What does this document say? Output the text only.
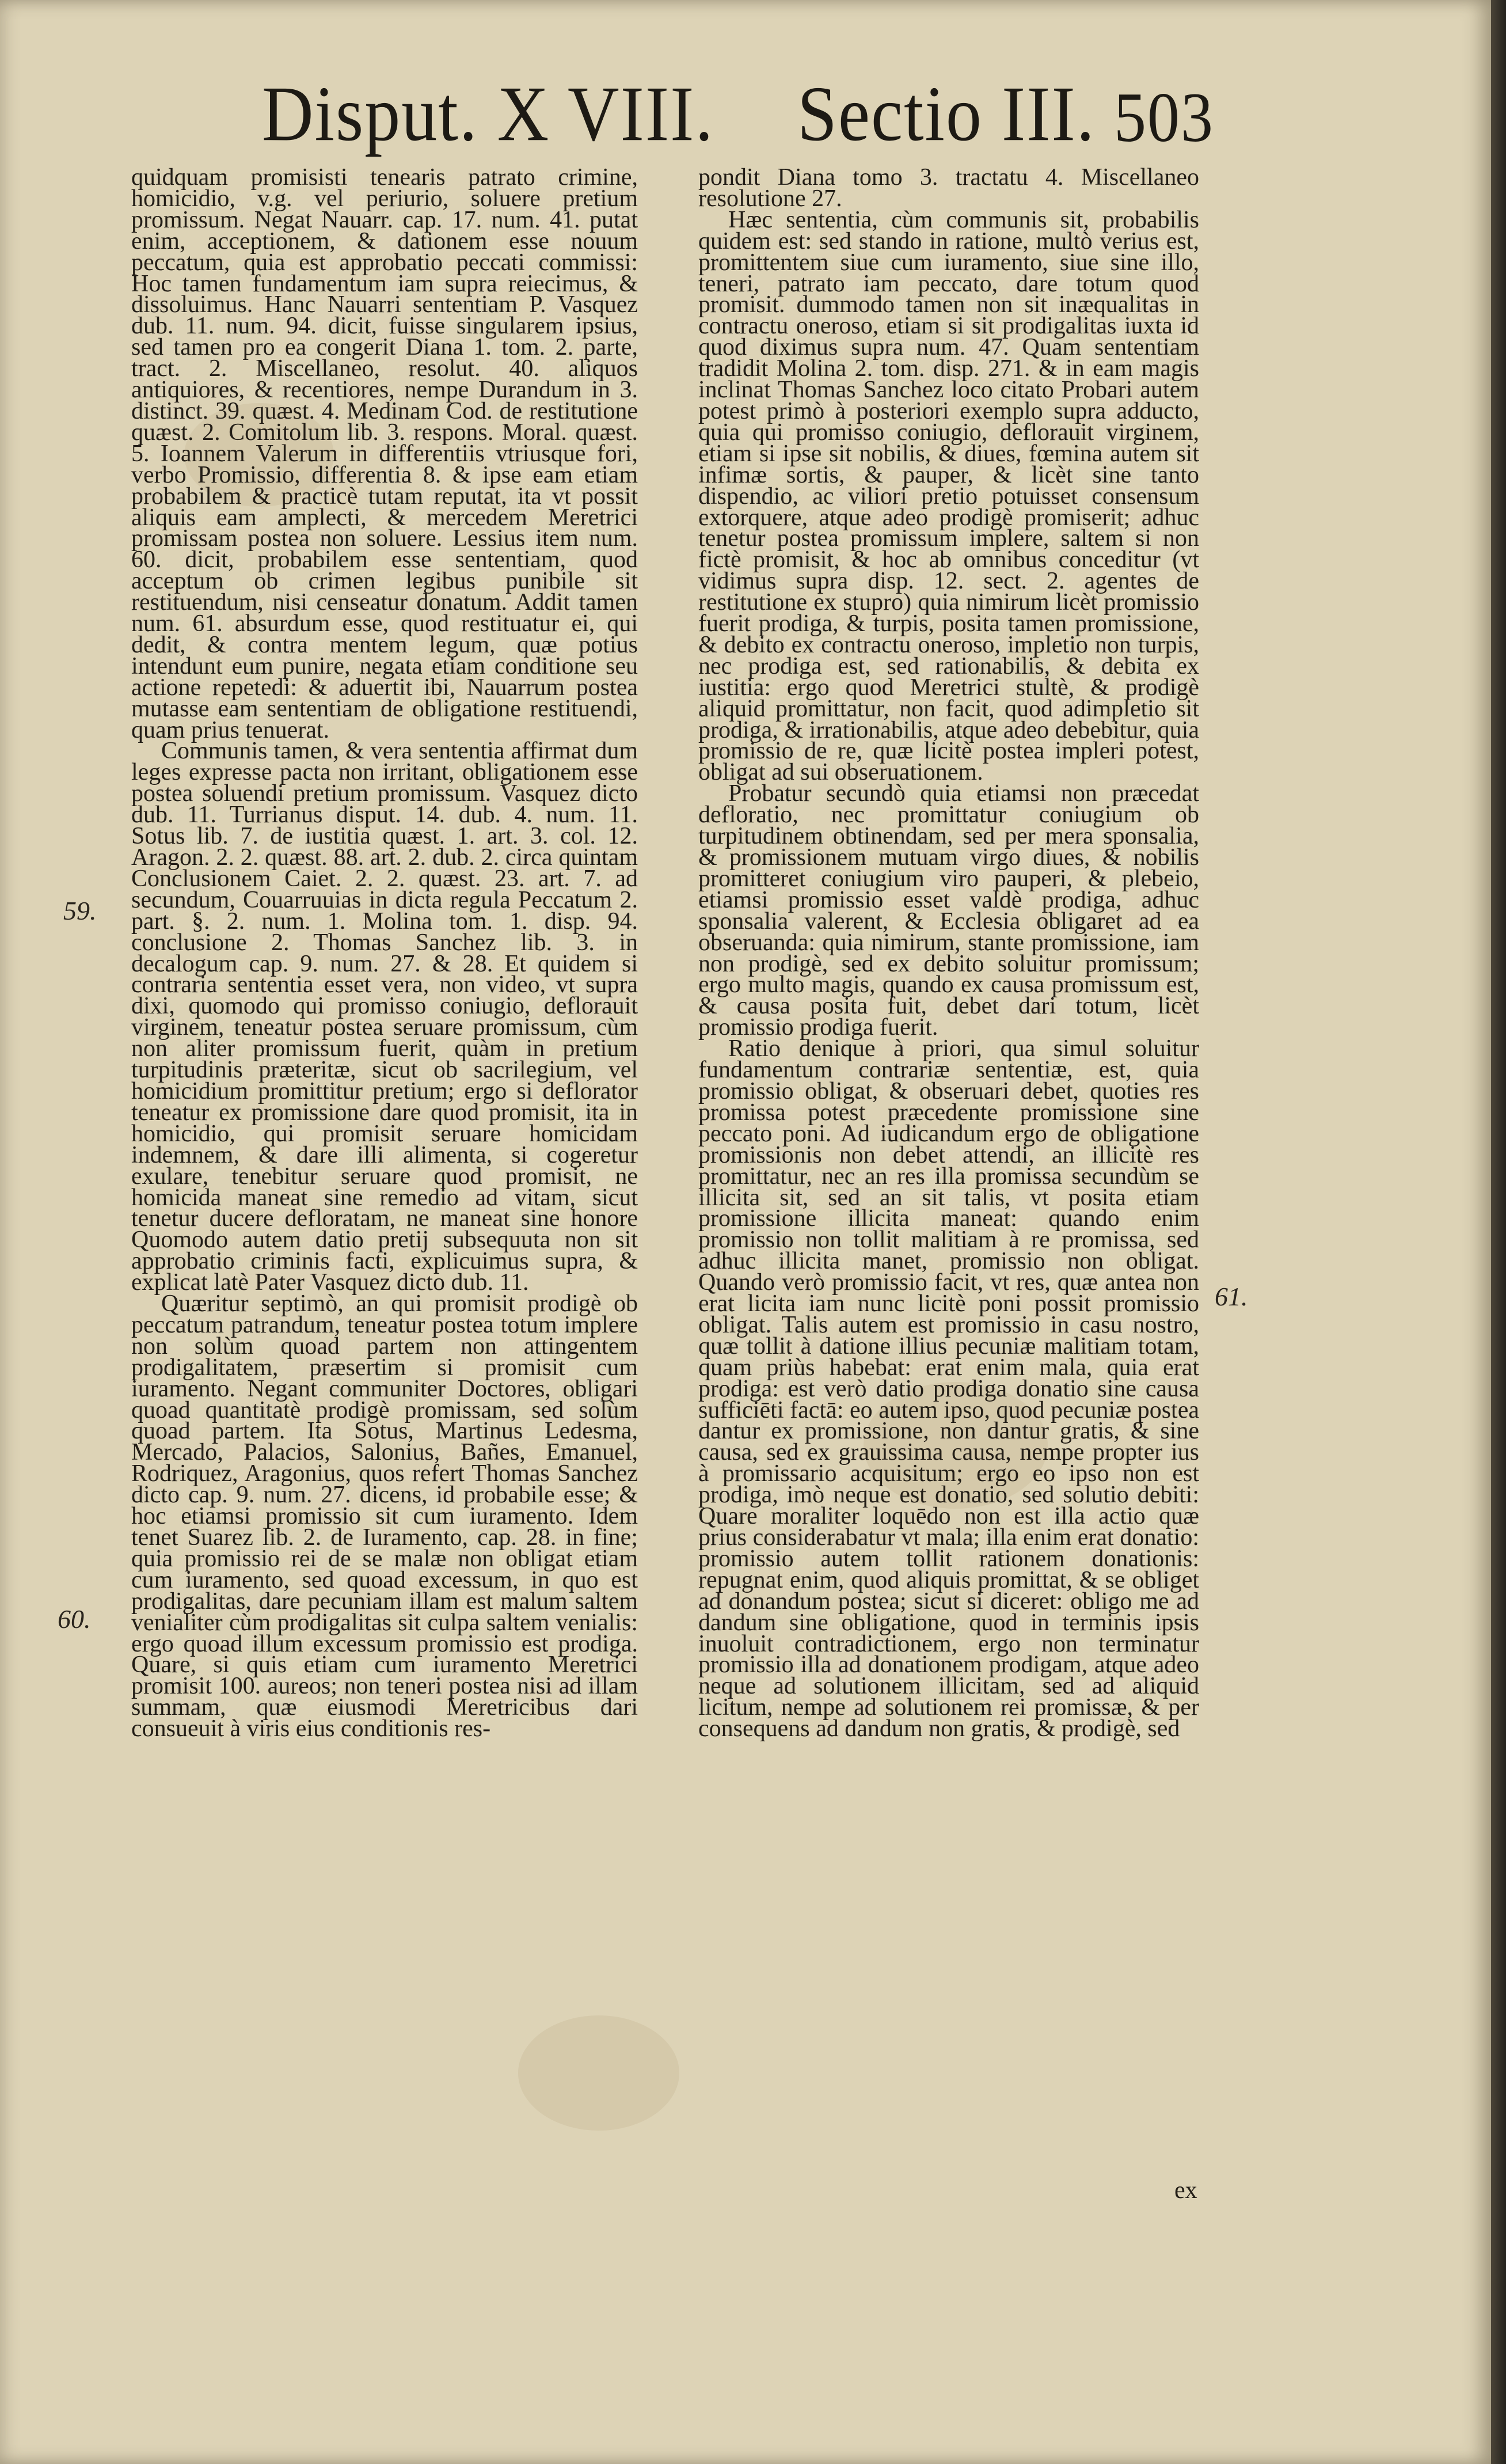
Disput. X VIII. Sectio III. 503

quidquam promisisti tenearis patrato crimine, homicidio, v.g. vel periurio, soluere pretium promissum. Negat Nauarr. cap. 17. num. 41. putat enim, acceptionem, & dationem esse nouum peccatum, quia est approbatio peccati commissi: Hoc tamen fundamentum iam supra reiecimus, & dissoluimus. Hanc Nauarri sententiam P. Vasquez dub. 11. num. 94. dicit, fuisse singularem ipsius, sed tamen pro ea congerit Diana 1. tom. 2. parte, tract. 2. Miscellaneo, resolut. 40. aliquos antiquiores, & recentiores, nempe Durandum in 3. distinct. 39. quæst. 4. Medinam Cod. de restitutione quæst. 2. Comitolum lib. 3. respons. Moral. quæst. 5. Ioannem Valerum in differentiis vtriusque fori, verbo Promissio, differentia 8. & ipse eam etiam probabilem & practicè tutam reputat, ita vt possit aliquis eam amplecti, & mercedem Meretrici promissam postea non soluere. Lessius item num. 60. dicit, probabilem esse sententiam, quod acceptum ob crimen legibus punibile sit restituendum, nisi censeatur donatum. Addit tamen num. 61. absurdum esse, quod restituatur ei, qui dedit, & contra mentem legum, quæ potius intendunt eum punire, negata etiam conditione seu actione repetedi: & aduertit ibi, Nauarrum postea mutasse eam sententiam de obligatione restituendi, quam prius tenuerat.

Communis tamen, & vera sententia affirmat dum leges expresse pacta non irritant, obligationem esse postea soluendi pretium promissum. Vasquez dicto dub. 11. Turrianus disput. 14. dub. 4. num. 11. Sotus lib. 7. de iustitia quæst. 1. art. 3. col. 12. Aragon. 2. 2. quæst. 88. art. 2. dub. 2. circa quintam Conclusionem Caiet. 2. 2. quæst. 23. art. 7. ad secundum, Couarruuias in dicta regula Peccatum 2. part. §. 2. num. 1. Molina tom. 1. disp. 94. conclusione 2. Thomas Sanchez lib. 3. in decalogum cap. 9. num. 27. & 28. Et quidem si contraria sententia esset vera, non video, vt supra dixi, quomodo qui promisso coniugio, deflorauit virginem, teneatur postea seruare promissum, cùm non aliter promissum fuerit, quàm in pretium turpitudinis præteritæ, sicut ob sacrilegium, vel homicidium promittitur pretium; ergo si deflorator teneatur ex promissione dare quod promisit, ita in homicidio, qui promisit seruare homicidam indemnem, & dare illi alimenta, si cogeretur exulare, tenebitur seruare quod promisit, ne homicida maneat sine remedio ad vitam, sicut tenetur ducere defloratam, ne maneat sine honore Quomodo autem datio pretij subsequuta non sit approbatio criminis facti, explicuimus supra, & explicat latè Pater Vasquez dicto dub. 11.

Quæritur septimò, an qui promisit prodigè ob peccatum patrandum, teneatur postea totum implere non solùm quoad partem non attingentem prodigalitatem, præsertim si promisit cum iuramento. Negant communiter Doctores, obligari quoad quantitatè prodigè promissam, sed solùm quoad partem. Ita Sotus, Martinus Ledesma, Mercado, Palacios, Salonius, Bañes, Emanuel, Rodriquez, Aragonius, quos refert Thomas Sanchez dicto cap. 9. num. 27. dicens, id probabile esse; & hoc etiamsi promissio sit cum iuramento. Idem tenet Suarez lib. 2. de Iuramento, cap. 28. in fine; quia promissio rei de se malæ non obligat etiam cum iuramento, sed quoad excessum, in quo est prodigalitas, dare pecuniam illam est malum saltem venialiter cùm prodigalitas sit culpa saltem venialis: ergo quoad illum excessum promissio est prodiga. Quare, si quis etiam cum iuramento Meretrici promisit 100. aureos; non teneri postea nisi ad illam summam, quæ eiusmodi Meretricibus dari consueuit à viris eius conditionis res-

pondit Diana tomo 3. tractatu 4. Miscellaneo resolutione 27.

Hæc sententia, cùm communis sit, probabilis quidem est: sed stando in ratione, multò verius est, promittentem siue cum iuramento, siue sine illo, teneri, patrato iam peccato, dare totum quod promisit. dummodo tamen non sit inæqualitas in contractu oneroso, etiam si sit prodigalitas iuxta id quod diximus supra num. 47. Quam sententiam tradidit Molina 2. tom. disp. 271. & in eam magis inclinat Thomas Sanchez loco citato Probari autem potest primò à posteriori exemplo supra adducto, quia qui promisso coniugio, deflorauit virginem, etiam si ipse sit nobilis, & diues, fœmina autem sit infimæ sortis, & pauper, & licèt sine tanto dispendio, ac viliori pretio potuisset consensum extorquere, atque adeo prodigè promiserit; adhuc tenetur postea promissum implere, saltem si non fictè promisit, & hoc ab omnibus conceditur (vt vidimus supra disp. 12. sect. 2. agentes de restitutione ex stupro) quia nimirum licèt promissio fuerit prodiga, & turpis, posita tamen promissione, & debito ex contractu oneroso, impletio non turpis, nec prodiga est, sed rationabilis, & debita ex iustitia: ergo quod Meretrici stultè, & prodigè aliquid promittatur, non facit, quod adimpletio sit prodiga, & irrationabilis, atque adeo debebitur, quia promissio de re, quæ licitè postea impleri potest, obligat ad sui obseruationem.

Probatur secundò quia etiamsi non præcedat defloratio, nec promittatur coniugium ob turpitudinem obtinendam, sed per mera sponsalia, & promissionem mutuam virgo diues, & nobilis promitteret coniugium viro pauperi, & plebeio, etiamsi promissio esset valdè prodiga, adhuc sponsalia valerent, & Ecclesia obligaret ad ea obseruanda: quia nimirum, stante promissione, iam non prodigè, sed ex debito soluitur promissum; ergo multo magis, quando ex causa promissum est, & causa posita fuit, debet dari totum, licèt promissio prodiga fuerit.

Ratio denique à priori, qua simul soluitur fundamentum contrariæ sententiæ, est, quia promissio obligat, & obseruari debet, quoties res promissa potest præcedente promissione sine peccato poni. Ad iudicandum ergo de obligatione promissionis non debet attendi, an illicitè res promittatur, nec an res illa promissa secundùm se illicita sit, sed an sit talis, vt posita etiam promissione illicita maneat: quando enim promissio non tollit malitiam à re promissa, sed adhuc illicita manet, promissio non obligat. Quando verò promissio facit, vt res, quæ antea non erat licita iam nunc licitè poni possit promissio obligat. Talis autem est promissio in casu nostro, quæ tollit à datione illius pecuniæ malitiam totam, quam priùs habebat: erat enim mala, quia erat prodiga: est verò datio prodiga donatio sine causa sufficiēti factā: eo autem ipso, quod pecuniæ postea dantur ex promissione, non dantur gratis, & sine causa, sed ex grauissima causa, nempe propter ius à promissario acquisitum; ergo eo ipso non est prodiga, imò neque est donatio, sed solutio debiti: Quare moraliter loquēdo non est illa actio quæ prius considerabatur vt mala; illa enim erat donatio: promissio autem tollit rationem donationis: repugnat enim, quod aliquis promittat, & se obliget ad donandum postea; sicut si diceret: obligo me ad dandum sine obligatione, quod in terminis ipsis inuoluit contradictionem, ergo non terminatur promissio illa ad donationem prodigam, atque adeo neque ad solutionem illicitam, sed ad aliquid licitum, nempe ad solutionem rei promissæ, & per consequens ad dandum non gratis, & prodigè, sed

59.
60.
61.
ex
